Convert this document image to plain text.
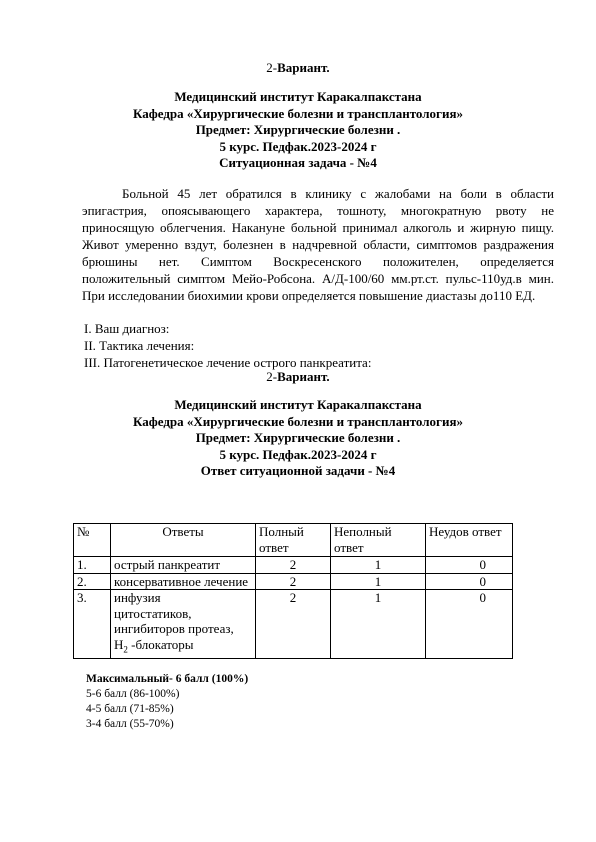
2-Вариант.
Медицинский институт Каракалпакстана
Кафедра «Хирургические болезни и трансплантология»
Предмет: Хирургические болезни .
5 курс. Педфак.2023-2024 г
Ситуационная задача - №4
Больной 45 лет обратился в клинику с жалобами на боли в области эпигастрия, опоясывающего характера, тошноту, многократную рвоту не приносящую облегчения. Накануне больной принимал алкоголь и жирную пищу. Живот умеренно вздут, болезнен в надчревной области, симптомов раздражения брюшины нет. Симптом Воскресенского положителен, определяется положительный симптом Мейо-Робсона. А/Д-100/60 мм.рт.ст. пульс-110уд.в мин. При исследовании биохимии крови определяется повышение диастазы до110 ЕД.
I. Ваш диагноз:
II. Тактика лечения:
III. Патогенетическое лечение острого панкреатита:
2-Вариант.
Медицинский институт Каракалпакстана
Кафедра «Хирургические болезни и трансплантология»
Предмет: Хирургические болезни .
5 курс. Педфак.2023-2024 г
Ответ ситуационной задачи - №4
№	Ответы	Полный ответ	Неполный ответ	Неудов ответ
1.	острый панкреатит	2	1	0
2.	консервативное лечение	2	1	0
3.	инфузия
цитостатиков,
ингибиторов протеаз,
$Н_2$ -блокаторы	2	1	0
Максимальный- 6 балл (100%)
5-6 балл (86-100%)
4-5 балл (71-85%)
3-4 балл (55-70%)
